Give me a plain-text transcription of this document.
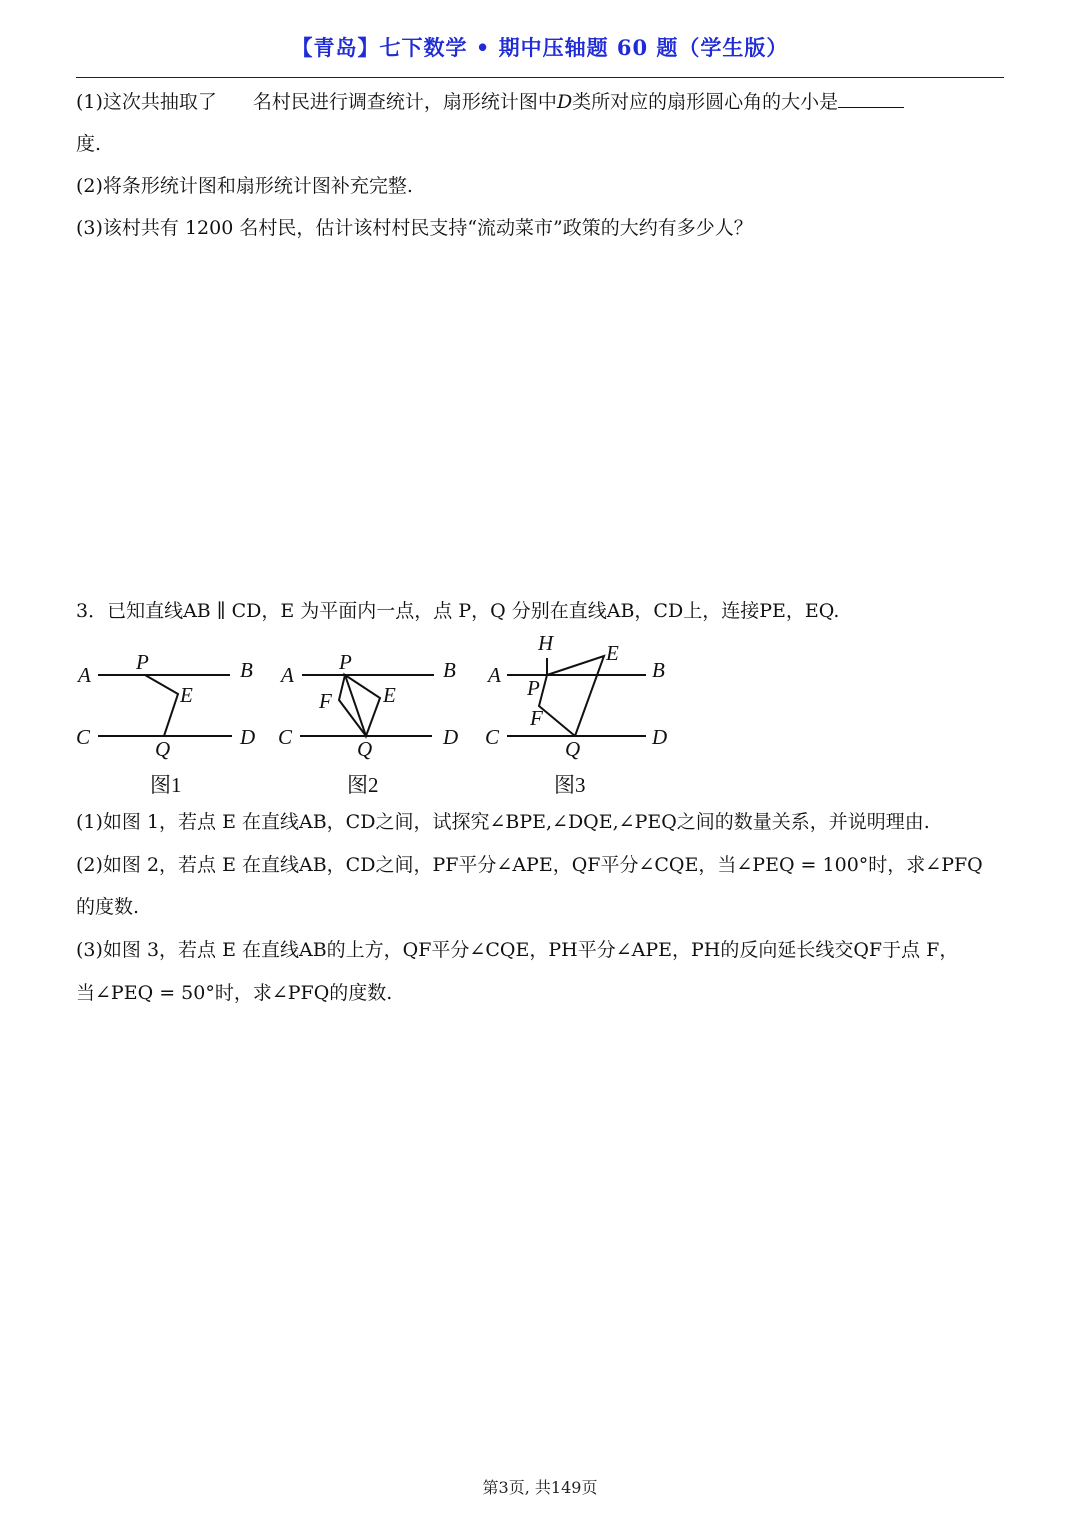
【青岛】七下数学 • 期中压轴题 60 题（学生版）
(1)这次共抽取了 名村民进行调查统计，扇形统计图中D类所对应的扇形圆心角的大小是
度.
(2)将条形统计图和扇形统计图补充完整.
(3)该村共有 1200 名村民，估计该村村民支持“流动菜市”政策的大约有多少人？
3．已知直线AB ∥ CD，E 为平面内一点，点 P，Q 分别在直线AB，CD上，连接PE，EQ.
A	B
C	D
P
Q
E
图1
A	B
C	D
P
Q
E
F
图2
A	B
C	D
P
Q
E
F
H
图3
(1)如图 1，若点 E 在直线AB，CD之间，试探究∠BPE,∠DQE,∠PEQ之间的数量关系，并说明理由.
(2)如图 2，若点 E 在直线AB，CD之间，PF平分∠APE，QF平分∠CQE，当∠PEQ = 100°时，求∠PFQ
的度数.
(3)如图 3，若点 E 在直线AB的上方，QF平分∠CQE，PH平分∠APE，PH的反向延长线交QF于点 F，
当∠PEQ = 50°时，求∠PFQ的度数.
第3页, 共149页
